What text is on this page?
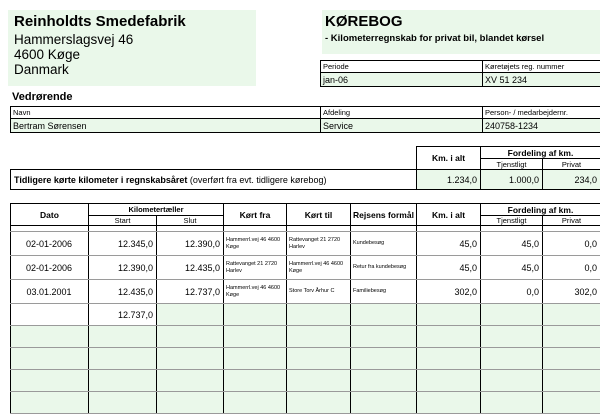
Reinholdts Smedefabrik
Hammerslagsvej 46
4600 Køge
Danmark
KØREBOG
- Kilometerregnskab for privat bil, blandet kørsel
Periode	Køretøjets reg. nummer
jan-06	XV 51 234
Vedrørende
Navn	Afdeling	Person- / medarbejdernr.
Bertram Sørensen	Service	240758-1234
	Km. i alt	Fordeling af km.	
		Tjenstligt	Privat
Tidligere kørte kilometer i regnskabsåret (overført fra evt. tidligere kørebog)	1.234,0	1.000,0	234,0
Dato	Kilometertæller		Kørt fra	Kørt til	Rejsens formål	Km. i alt	Fordeling af km.	
	Start	Slut					Tjenstligt	Privat

02-01-2006	12.345,0	12.390,0	Hammerrl.vej 46 4600 Køge	Rattevanget 21 2720 Harlev	Kundebesøg	45,0	45,0	0,0
02-01-2006	12.390,0	12.435,0	Rattevanget 21 2720 Harlev	Hammerrl.vej 46 4600 Køge	Retur fra kundebesøg	45,0	45,0	0,0
03.01.2001	12.435,0	12.737,0	Hammerrl.vej 46 4600 Køge	Store Torv Århur C	Familiebesøg	302,0	0,0	302,0
	12.737,0							
